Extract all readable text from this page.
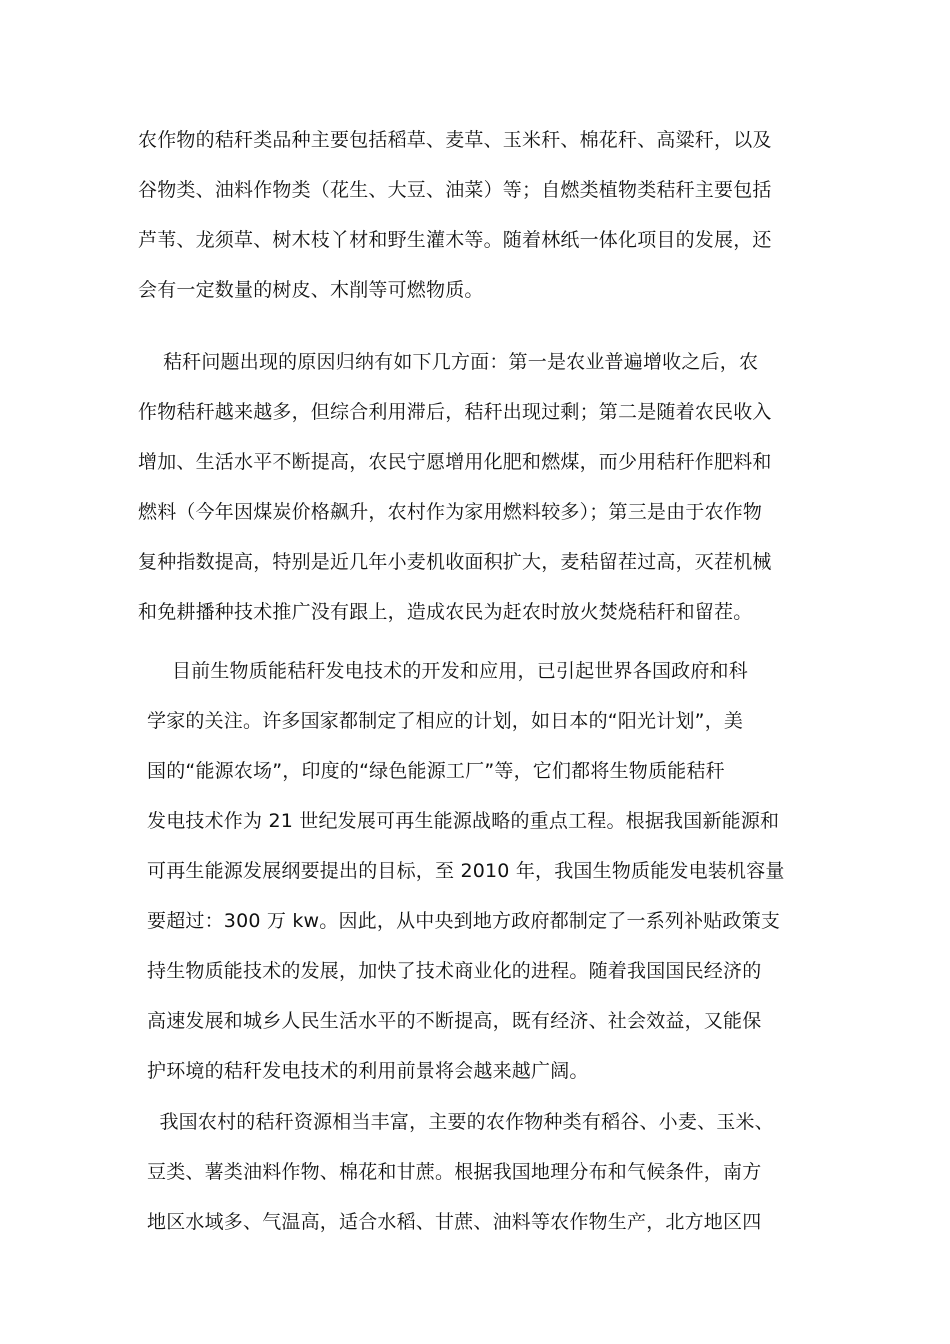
农作物的秸秆类品种主要包括稻草、麦草、玉米秆、棉花秆、高粱秆，以及
谷物类、油料作物类（花生、大豆、油菜）等；自燃类植物类秸秆主要包括
芦苇、龙须草、树木枝丫材和野生灌木等。随着林纸一体化项目的发展，还
会有一定数量的树皮、木削等可燃物质。
秸秆问题出现的原因归纳有如下几方面：第一是农业普遍增收之后，农
作物秸秆越来越多，但综合利用滞后，秸秆出现过剩；第二是随着农民收入
增加、生活水平不断提高，农民宁愿增用化肥和燃煤，而少用秸秆作肥料和
燃料（今年因煤炭价格飙升，农村作为家用燃料较多）；第三是由于农作物
复种指数提高，特别是近几年小麦机收面积扩大，麦秸留茬过高，灭茬机械
和免耕播种技术推广没有跟上，造成农民为赶农时放火焚烧秸秆和留茬。
目前生物质能秸秆发电技术的开发和应用，已引起世界各国政府和科
学家的关注。许多国家都制定了相应的计划，如日本的“阳光计划”，美
国的“能源农场”，印度的“绿色能源工厂”等，它们都将生物质能秸秆
发电技术作为 21 世纪发展可再生能源战略的重点工程。根据我国新能源和
可再生能源发展纲要提出的目标，至 2010 年，我国生物质能发电装机容量
要超过：300 万 kw。因此，从中央到地方政府都制定了一系列补贴政策支
持生物质能技术的发展，加快了技术商业化的进程。随着我国国民经济的
高速发展和城乡人民生活水平的不断提高，既有经济、社会效益，又能保
护环境的秸秆发电技术的利用前景将会越来越广阔。
我国农村的秸秆资源相当丰富，主要的农作物种类有稻谷、小麦、玉米、
豆类、薯类油料作物、棉花和甘蔗。根据我国地理分布和气候条件，南方
地区水域多、气温高，适合水稻、甘蔗、油料等农作物生产，北方地区四
